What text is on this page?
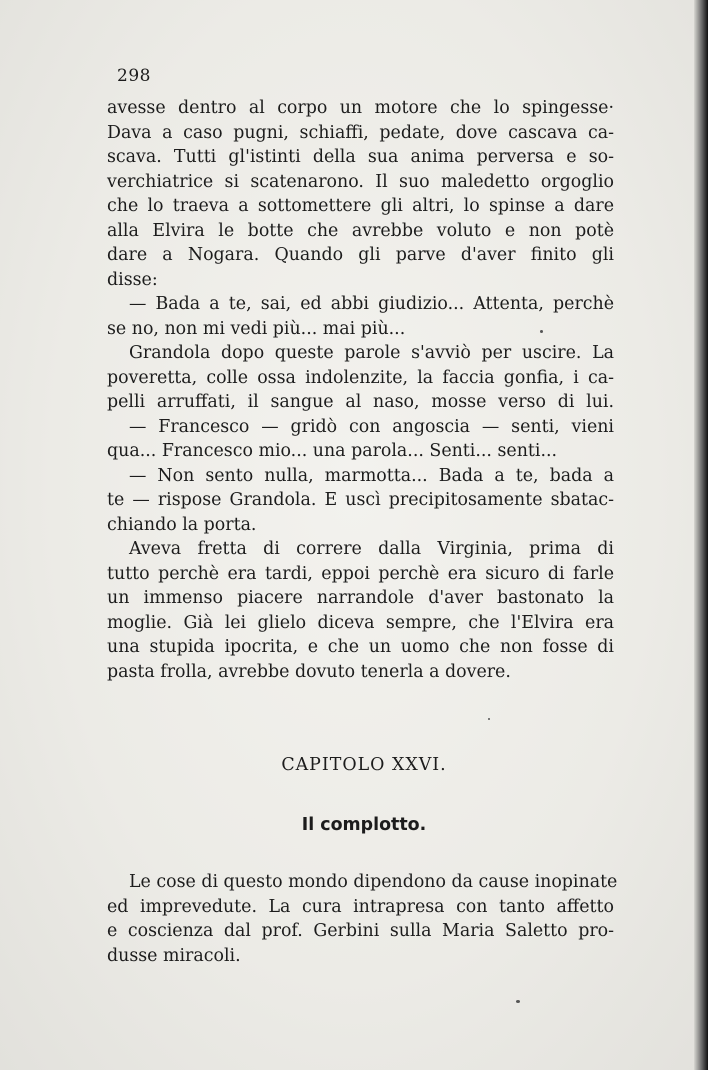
298
avesse dentro al corpo un motore che lo spingesse·
Dava a caso pugni, schiaffi, pedate, dove cascava ca-
scava. Tutti gl'istinti della sua anima perversa e so-
verchiatrice si scatenarono. Il suo maledetto orgoglio
che lo traeva a sottomettere gli altri, lo spinse a dare
alla Elvira le botte che avrebbe voluto e non potè
dare a Nogara. Quando gli parve d'aver finito gli
disse:
— Bada a te, sai, ed abbi giudizio... Attenta, perchè
se no, non mi vedi più... mai più...
Grandola dopo queste parole s'avviò per uscire. La
poveretta, colle ossa indolenzite, la faccia gonfia, i ca-
pelli arruffati, il sangue al naso, mosse verso di lui.
— Francesco — gridò con angoscia — senti, vieni
qua... Francesco mio... una parola... Senti... senti...
— Non sento nulla, marmotta... Bada a te, bada a
te — rispose Grandola. E uscì precipitosamente sbatac-
chiando la porta.
Aveva fretta di correre dalla Virginia, prima di
tutto perchè era tardi, eppoi perchè era sicuro di farle
un immenso piacere narrandole d'aver bastonato la
moglie. Già lei glielo diceva sempre, che l'Elvira era
una stupida ipocrita, e che un uomo che non fosse di
pasta frolla, avrebbe dovuto tenerla a dovere.
CAPITOLO XXVI.
Il complotto.
Le cose di questo mondo dipendono da cause inopinate
ed imprevedute. La cura intrapresa con tanto affetto
e coscienza dal prof. Gerbini sulla Maria Saletto pro-
dusse miracoli.
